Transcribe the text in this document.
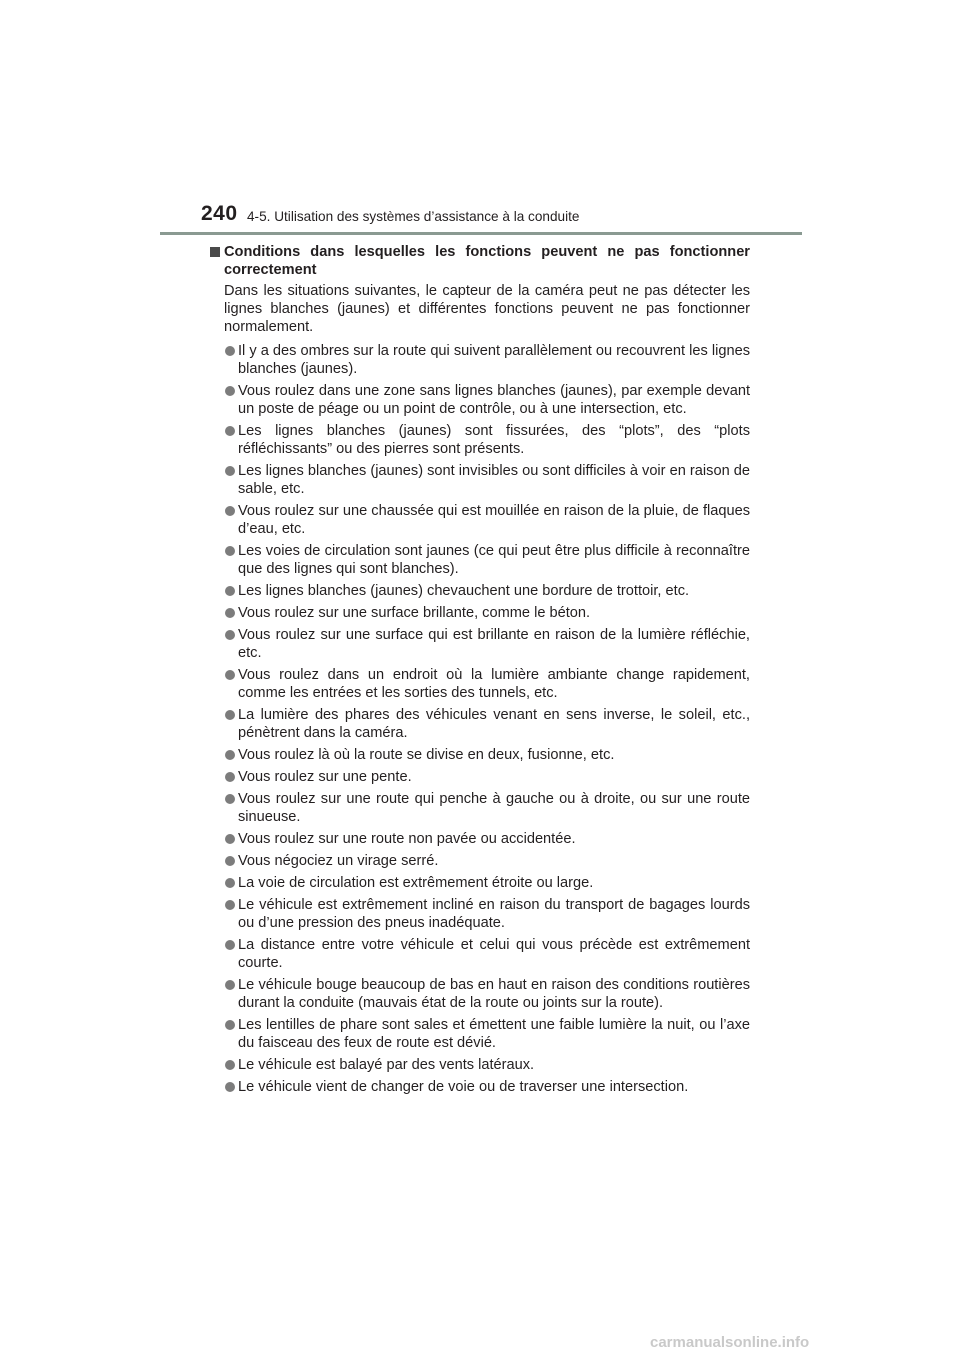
240 4-5. Utilisation des systèmes d’assistance à la conduite
Conditions dans lesquelles les fonctions peuvent ne pas fonctionner correctement
Dans les situations suivantes, le capteur de la caméra peut ne pas détecter les lignes blanches (jaunes) et différentes fonctions peuvent ne pas fonctionner normalement.
Il y a des ombres sur la route qui suivent parallèlement ou recouvrent les lignes blanches (jaunes).
Vous roulez dans une zone sans lignes blanches (jaunes), par exemple devant un poste de péage ou un point de contrôle, ou à une intersection, etc.
Les lignes blanches (jaunes) sont fissurées, des “plots”, des “plots réfléchissants” ou des pierres sont présents.
Les lignes blanches (jaunes) sont invisibles ou sont difficiles à voir en raison de sable, etc.
Vous roulez sur une chaussée qui est mouillée en raison de la pluie, de flaques d’eau, etc.
Les voies de circulation sont jaunes (ce qui peut être plus difficile à reconnaître que des lignes qui sont blanches).
Les lignes blanches (jaunes) chevauchent une bordure de trottoir, etc.
Vous roulez sur une surface brillante, comme le béton.
Vous roulez sur une surface qui est brillante en raison de la lumière réfléchie, etc.
Vous roulez dans un endroit où la lumière ambiante change rapidement, comme les entrées et les sorties des tunnels, etc.
La lumière des phares des véhicules venant en sens inverse, le soleil, etc., pénètrent dans la caméra.
Vous roulez là où la route se divise en deux, fusionne, etc.
Vous roulez sur une pente.
Vous roulez sur une route qui penche à gauche ou à droite, ou sur une route sinueuse.
Vous roulez sur une route non pavée ou accidentée.
Vous négociez un virage serré.
La voie de circulation est extrêmement étroite ou large.
Le véhicule est extrêmement incliné en raison du transport de bagages lourds ou d’une pression des pneus inadéquate.
La distance entre votre véhicule et celui qui vous précède est extrêmement courte.
Le véhicule bouge beaucoup de bas en haut en raison des conditions routières durant la conduite (mauvais état de la route ou joints sur la route).
Les lentilles de phare sont sales et émettent une faible lumière la nuit, ou l’axe du faisceau des feux de route est dévié.
Le véhicule est balayé par des vents latéraux.
Le véhicule vient de changer de voie ou de traverser une intersection.
carmanualsonline.info
